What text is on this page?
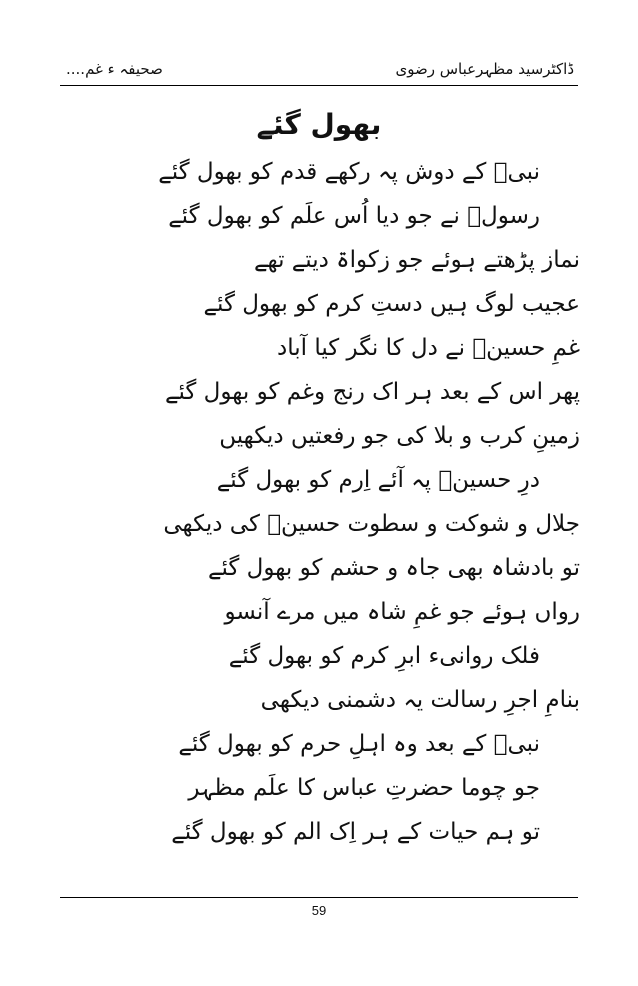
صحیفہ ء غم....	ڈاکٹرسید مظہرعباس رضوی
بھول گئے
نبیؐ کے دوش پہ رکھے قدم کو بھول گئے
رسولؐ نے جو دیا اُس علَم کو بھول گئے
نماز پڑھتے ہوئے جو زکواۃ دیتے تھے
عجیب لوگ ہیں دستِ کرم کو بھول گئے
غمِ حسینؑ نے دل کا نگر کیا آباد
پھر اس کے بعد ہر اک رنج وغم کو بھول گئے
زمینِ کرب و بلا کی جو رفعتیں دیکھیں
درِ حسینؑ پہ آئے اِرم کو بھول گئے
جلال و شوکت و سطوت حسینؑ کی دیکھی
تو بادشاہ بھی جاہ و حشم کو بھول گئے
رواں ہوئے جو غمِ شاہ میں مرے آنسو
فلک روانیء ابرِ کرم کو بھول گئے
بنامِ اجرِ رسالت یہ دشمنی دیکھی
نبیؐ کے بعد وہ اہلِ حرم کو بھول گئے
جو چوما حضرتِ عباس کا علَم مظہر
تو ہم حیات کے ہر اِک الم کو بھول گئے
59
